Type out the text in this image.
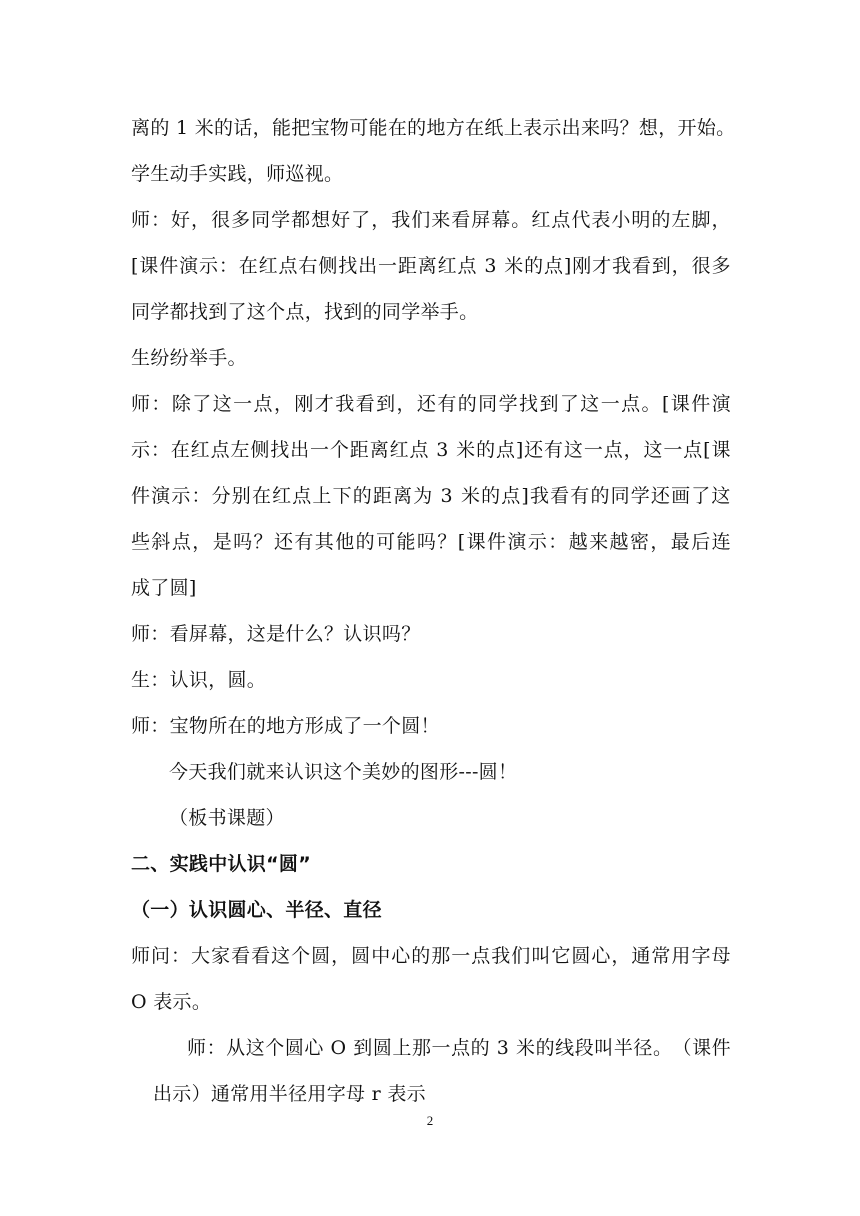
离 的
1
米 的 话 ， 能 把 宝 物 可 能 在 的 地 方 在 纸 上 表 示 出 来 吗 ？ 想 ， 开 始 。
学生动手实践，师巡视。
师 ： 好 ， 很 多 同 学 都 想 好 了 ， 我 们 来 看 屏 幕 。 红 点 代 表 小 明 的 左 脚 ，
[ 课 件 演 示 ： 在 红 点 右 侧 找 出 一 距 离 红 点
3
米 的 点 ] 刚 才 我 看 到 ， 很 多
同学都找到了这个点，找到的同学举手。
生纷纷举手。
师 ： 除 了 这 一 点 ， 刚 才 我 看 到 ， 还 有 的 同 学 找 到 了 这 一 点 。 [ 课 件 演
示 ： 在 红 点 左 侧 找 出 一 个 距 离 红 点
3
米 的 点 ] 还 有 这 一 点 ， 这 一 点 [ 课
件 演 示 ： 分 别 在 红 点 上 下 的 距 离 为
3
米 的 点 ] 我 看 有 的 同 学 还 画 了 这
些 斜 点 ， 是 吗 ？ 还 有 其 他 的 可 能 吗 ？ [ 课 件 演 示 ： 越 来 越 密 ， 最 后 连
成了圆]
师：看屏幕，这是什么？认识吗？
生：认识，圆。
师：宝物所在的地方形成了一个圆！
今天我们就来认识这个美妙的图形---圆！
（板书课题）
二、实践中认识“圆”
（一）认识圆心、半径、直径
师 问 ： 大 家 看 看 这 个 圆 ， 圆 中 心 的 那 一 点 我 们 叫 它 圆 心 ， 通 常 用 字 母
O 表示。
师 ： 从 这 个 圆 心
O
到 圆 上 那 一 点 的
3
米 的 线 段 叫 半 径 。 （ 课 件
出示）通常用半径用字母 r 表示
2
